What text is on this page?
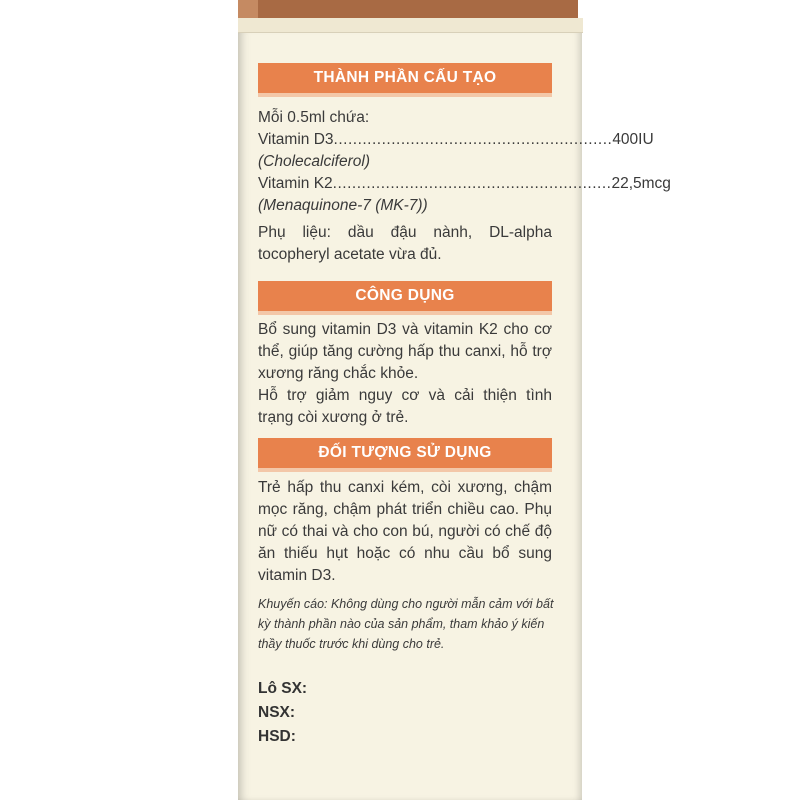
THÀNH PHẦN CẤU TẠO
Mỗi 0.5ml chứa:
Vitamin D3 .......................................................... 400IU
(Cholecalciferol)
Vitamin K2 .......................................................... 22,5mcg
(Menaquinone-7 (MK-7))
Phụ liệu: dầu đậu nành, DL-alpha tocopheryl acetate vừa đủ.
CÔNG DỤNG
Bổ sung vitamin D3 và vitamin K2 cho cơ thể, giúp tăng cường hấp thu canxi, hỗ trợ xương răng chắc khỏe.
Hỗ trợ giảm nguy cơ và cải thiện tình trạng còi xương ở trẻ.
ĐỐI TƯỢNG SỬ DỤNG
Trẻ hấp thu canxi kém, còi xương, chậm mọc răng, chậm phát triển chiều cao. Phụ nữ có thai và cho con bú, người có chế độ ăn thiếu hụt hoặc có nhu cầu bổ sung vitamin D3.
Khuyến cáo: Không dùng cho người mẫn cảm với bất kỳ thành phần nào của sản phẩm, tham khảo ý kiến thầy thuốc trước khi dùng cho trẻ.
Lô SX:
NSX:
HSD:
